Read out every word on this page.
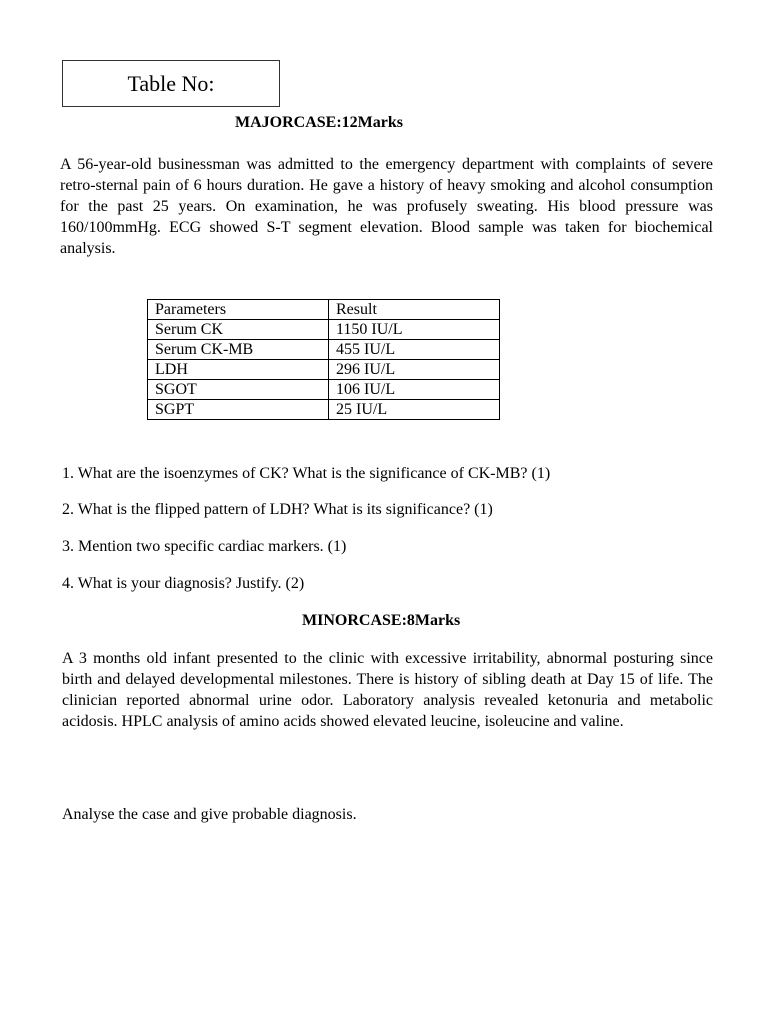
Table No:
MAJORCASE:12Marks
A 56-year-old businessman was admitted to the emergency department with complaints of severe retro-sternal pain of 6 hours duration. He gave a history of heavy smoking and alcohol consumption for the past 25 years. On examination, he was profusely sweating. His blood pressure was 160/100mmHg. ECG showed S-T segment elevation. Blood sample was taken for biochemical analysis.
Parameters	Result
Serum CK	1150 IU/L
Serum CK-MB	455 IU/L
LDH	296 IU/L
SGOT	106 IU/L
SGPT	25 IU/L
1. What are the isoenzymes of CK? What is the significance of CK-MB? (1)
2. What is the flipped pattern of LDH? What is its significance? (1)
3. Mention two specific cardiac markers. (1)
4. What is your diagnosis? Justify. (2)
MINORCASE:8Marks
A 3 months old infant presented to the clinic with excessive irritability, abnormal posturing since birth and delayed developmental milestones. There is history of sibling death at Day 15 of life. The clinician reported abnormal urine odor. Laboratory analysis revealed ketonuria and metabolic acidosis. HPLC analysis of amino acids showed elevated leucine, isoleucine and valine.
Analyse the case and give probable diagnosis.
